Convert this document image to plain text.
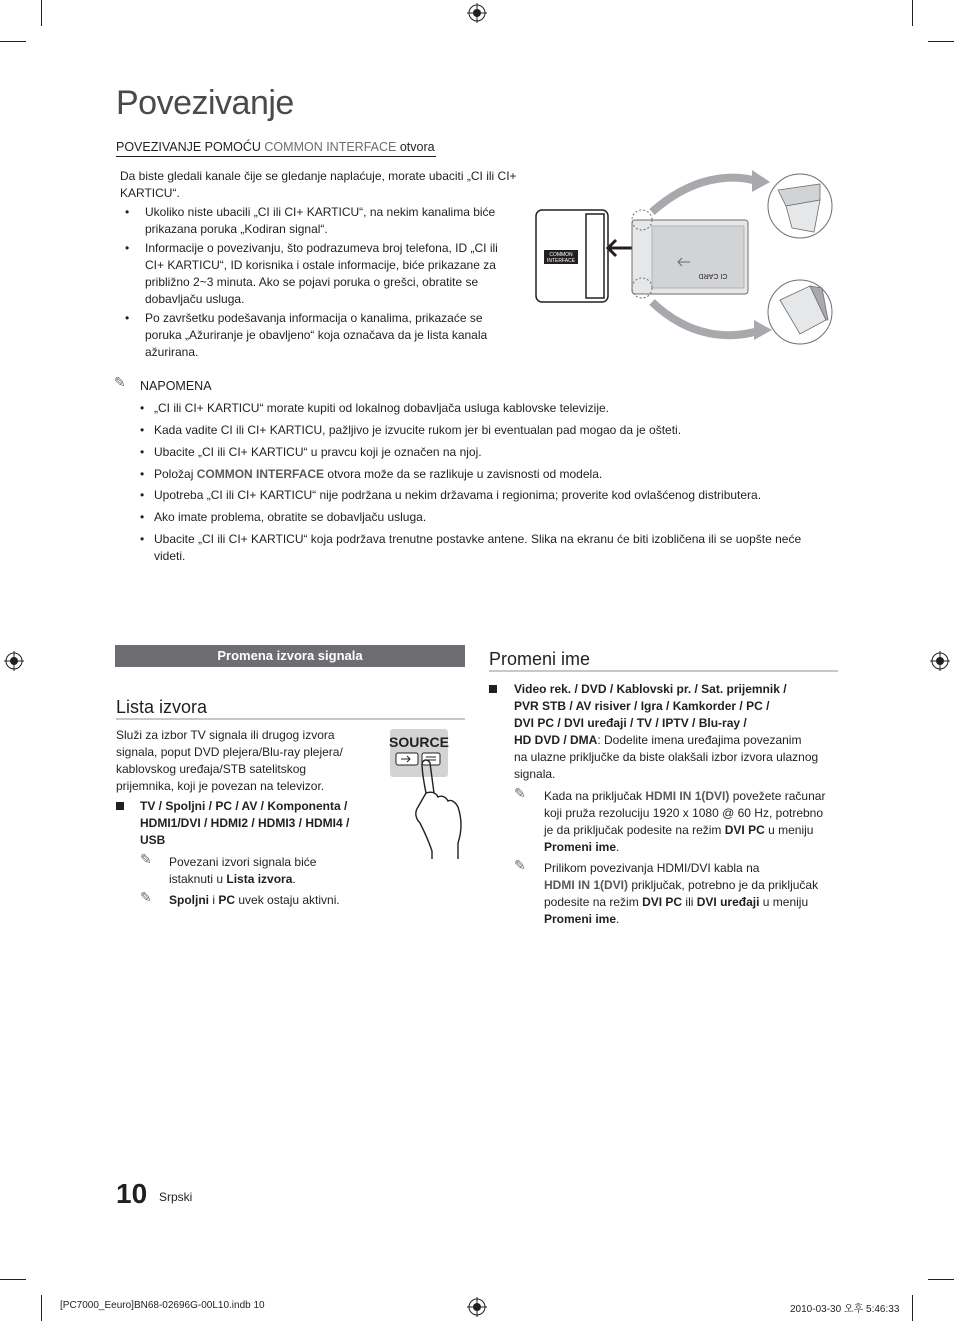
Povezivanje
POVEZIVANJE POMOĆU COMMON INTERFACE otvora
Da biste gledali kanale čije se gledanje naplaćuje, morate ubaciti „CI ili CI+ KARTICU“.
• Ukoliko niste ubacili „CI ili CI+ KARTICU“, na nekim kanalima biće prikazana poruka „Kodiran signal“.
• Informacije o povezivanju, što podrazumeva broj telefona, ID „CI ili CI+ KARTICU“, ID korisnika i ostale informacije, biće prikazane za približno 2~3 minuta. Ako se pojavi poruka o grešci, obratite se dobavljaču usluga.
• Po završetku podešavanja informacija o kanalima, prikazaće se poruka „Ažuriranje je obavljeno“ koja označava da je lista kanala ažurirana.
COMMON
INTERFACE
CI CARD
✎ NAPOMENA
• „CI ili CI+ KARTICU“ morate kupiti od lokalnog dobavljača usluga kablovske televizije.
• Kada vadite CI ili CI+ KARTICU, pažljivo je izvucite rukom jer bi eventualan pad mogao da je ošteti.
• Ubacite „CI ili CI+ KARTICU“ u pravcu koji je označen na njoj.
• Položaj COMMON INTERFACE otvora može da se razlikuje u zavisnosti od modela.
• Upotreba „CI ili CI+ KARTICU“ nije podržana u nekim državama i regionima; proverite kod ovlašćenog distributera.
• Ako imate problema, obratite se dobavljaču usluga.
• Ubacite „CI ili CI+ KARTICU“ koja podržava trenutne postavke antene. Slika na ekranu će biti izobličena ili se uopšte neće videti.
Promena izvora signala
Lista izvora
Služi za izbor TV signala ili drugog izvora signala, poput DVD plejera/Blu-ray plejera/ kablovskog uređaja/STB satelitskog prijemnika, koji je povezan na televizor.
TV / Spoljni / PC / AV / Komponenta /
HDMI1/DVI / HDMI2 / HDMI3 / HDMI4 /
USB
✎ Povezani izvori signala biće
istaknuti u Lista izvora.
✎ Spoljni i PC uvek ostaju aktivni.
SOURCE
Promeni ime
Video rek. / DVD / Kablovski pr. / Sat. prijemnik /
PVR STB / AV risiver / Igra / Kamkorder / PC /
DVI PC / DVI uređaji / TV / IPTV / Blu-ray /
HD DVD / DMA: Dodelite imena uređajima povezanim
na ulazne priključke da biste olakšali izbor izvora ulaznog
signala.
✎ Kada na priključak HDMI IN 1(DVI) povežete računar
koji pruža rezoluciju 1920 x 1080 @ 60 Hz, potrebno
je da priključak podesite na režim DVI PC u meniju
Promeni ime.
✎ Prilikom povezivanja HDMI/DVI kabla na
HDMI IN 1(DVI) priključak, potrebno je da priključak
podesite na režim DVI PC ili DVI uređaji u meniju
Promeni ime.
10 Srpski
[PC7000_Eeuro]BN68-02696G-00L10.indb 10	2010-03-30 오후 5:46:33
